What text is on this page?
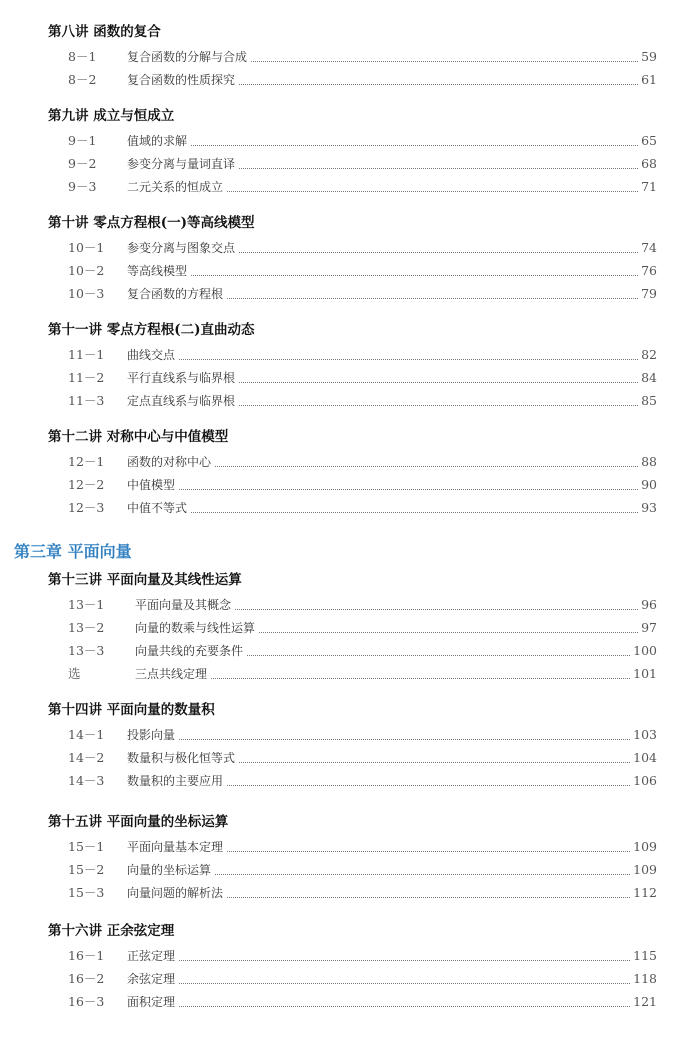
第八讲 函数的复合
8－1	复合函数的分解与合成	59
8－2	复合函数的性质探究	61
第九讲 成立与恒成立
9－1	值域的求解	65
9－2	参变分离与量词直译	68
9－3	二元关系的恒成立	71
第十讲 零点方程根(一)等高线模型
10－1 参变分离与图象交点	74
10－2 等高线模型	76
10－3 复合函数的方程根	79
第十一讲 零点方程根(二)直曲动态
11－1 曲线交点	82
11－2 平行直线系与临界根	84
11－3 定点直线系与临界根	85
第十二讲 对称中心与中值模型
12－1 函数的对称中心	88
12－2 中值模型	90
12－3 中值不等式	93
第三章 平面向量
第十三讲 平面向量及其线性运算
13－1	平面向量及其概念	96
13－2	向量的数乘与线性运算	97
13－3	向量共线的充要条件	100
选	三点共线定理	101
第十四讲 平面向量的数量积
14－1 投影向量	103
14－2 数量积与极化恒等式	104
14－3 数量积的主要应用	106
第十五讲 平面向量的坐标运算
15－1 平面向量基本定理	109
15－2 向量的坐标运算	109
15－3 向量问题的解析法	112
第十六讲 正余弦定理
16－1 正弦定理	115
16－2 余弦定理	118
16－3 面积定理	121
